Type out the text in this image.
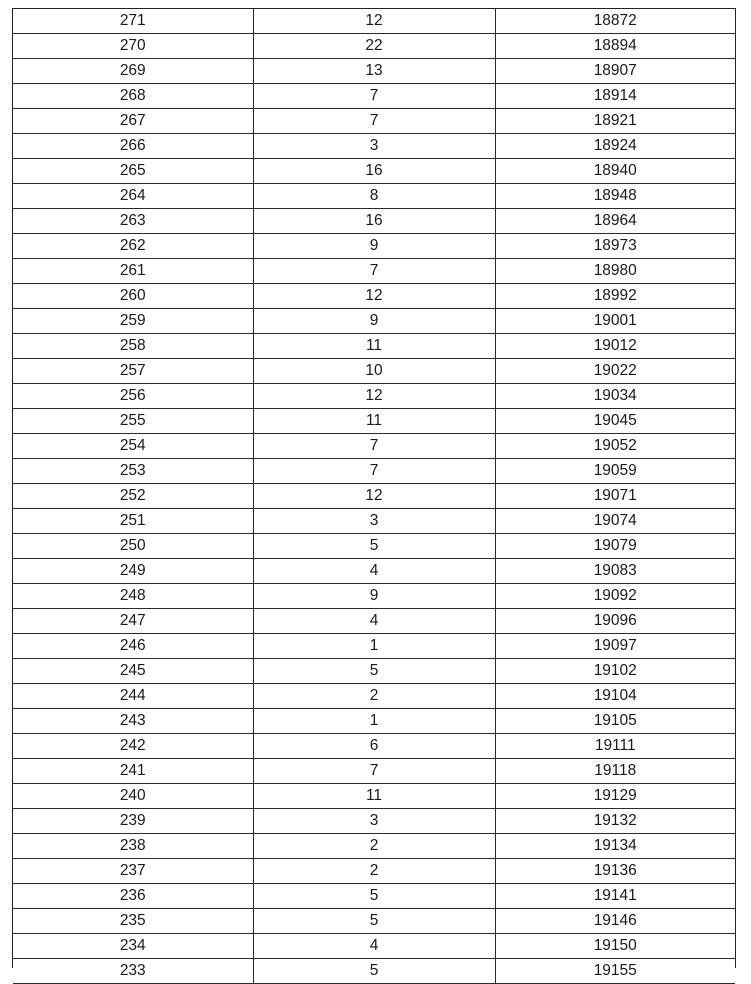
271	12	18872
270	22	18894
269	13	18907
268	7	18914
267	7	18921
266	3	18924
265	16	18940
264	8	18948
263	16	18964
262	9	18973
261	7	18980
260	12	18992
259	9	19001
258	11	19012
257	10	19022
256	12	19034
255	11	19045
254	7	19052
253	7	19059
252	12	19071
251	3	19074
250	5	19079
249	4	19083
248	9	19092
247	4	19096
246	1	19097
245	5	19102
244	2	19104
243	1	19105
242	6	19111
241	7	19118
240	11	19129
239	3	19132
238	2	19134
237	2	19136
236	5	19141
235	5	19146
234	4	19150
233	5	19155
